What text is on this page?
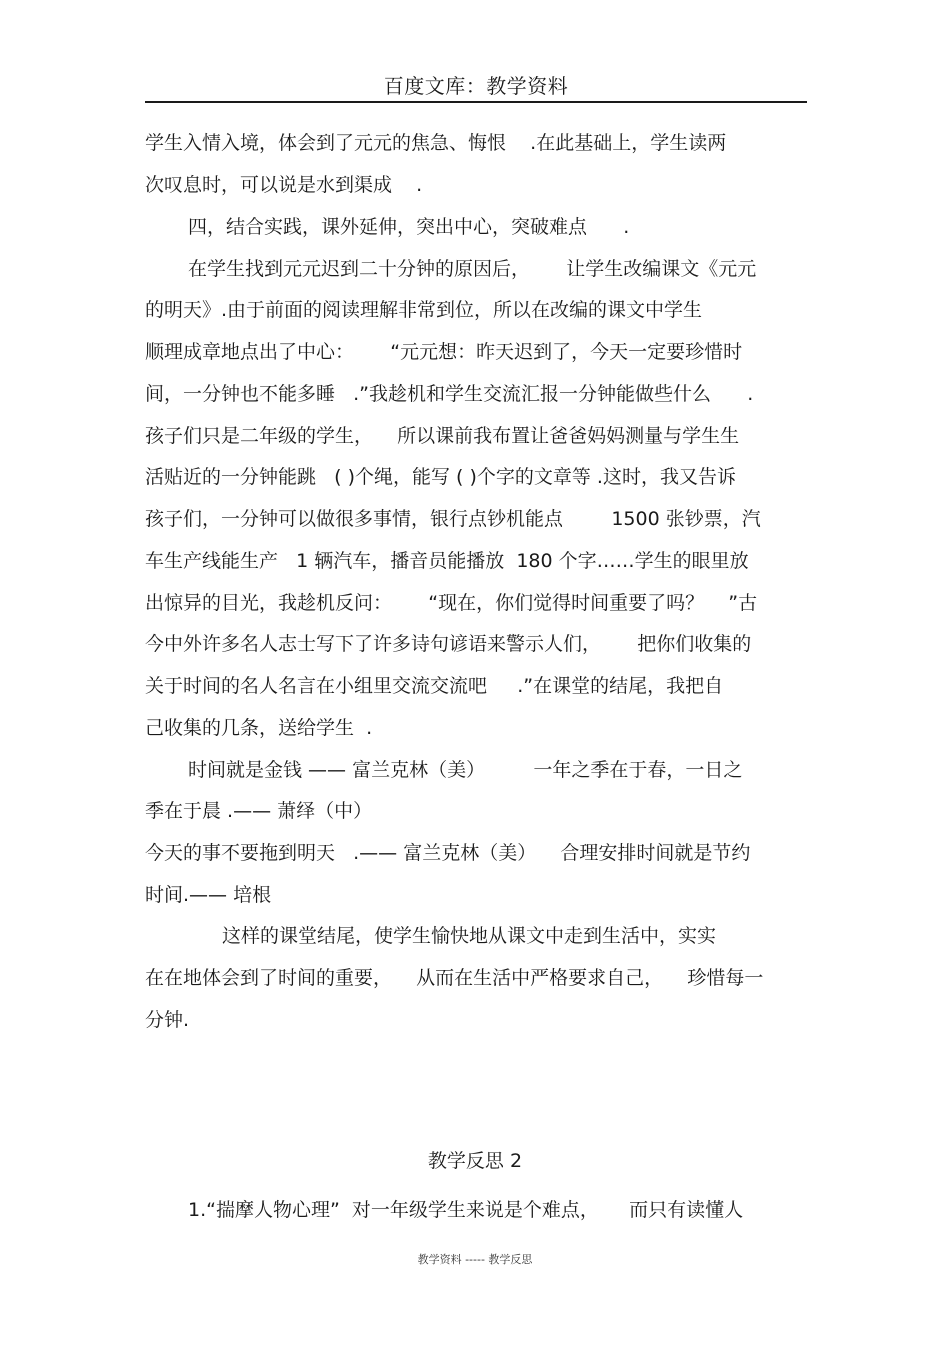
百度文库：教学资料
学生入情入境，体会到了元元的焦急、悔恨    .在此基础上，学生读两
次叹息时，可以说是水到渠成    .
四，结合实践，课外延伸，突出中心，突破难点      .
在学生找到元元迟到二十分钟的原因后，      让学生改编课文《元元
的明天》.由于前面的阅读理解非常到位，所以在改编的课文中学生
顺理成章地点出了中心：      “元元想：昨天迟到了，今天一定要珍惜时
间，一分钟也不能多睡   .”我趁机和学生交流汇报一分钟能做些什么      .
孩子们只是二年级的学生，    所以课前我布置让爸爸妈妈测量与学生生
活贴近的一分钟能跳   ( )个绳，能写 ( )个字的文章等 .这时，我又告诉
孩子们，一分钟可以做很多事情，银行点钞机能点        1500 张钞票，汽
车生产线能生产   1 辆汽车，播音员能播放  180 个字……学生的眼里放
出惊异的目光，我趁机反问：      “现在，你们觉得时间重要了吗？    ”古
今中外许多名人志士写下了许多诗句谚语来警示人们，      把你们收集的
关于时间的名人名言在小组里交流交流吧     .”在课堂的结尾，我把自
己收集的几条，送给学生  .
时间就是金钱 —— 富兰克林（美）        一年之季在于春，一日之
季在于晨 .—— 萧绎（中）
今天的事不要拖到明天   .—— 富兰克林（美）    合理安排时间就是节约
时间.—— 培根
这样的课堂结尾，使学生愉快地从课文中走到生活中，实实
在在地体会到了时间的重要，    从而在生活中严格要求自己，    珍惜每一
分钟.
教学反思 2
1.“揣摩人物心理”  对一年级学生来说是个难点，     而只有读懂人
教学资料 ----- 教学反思
